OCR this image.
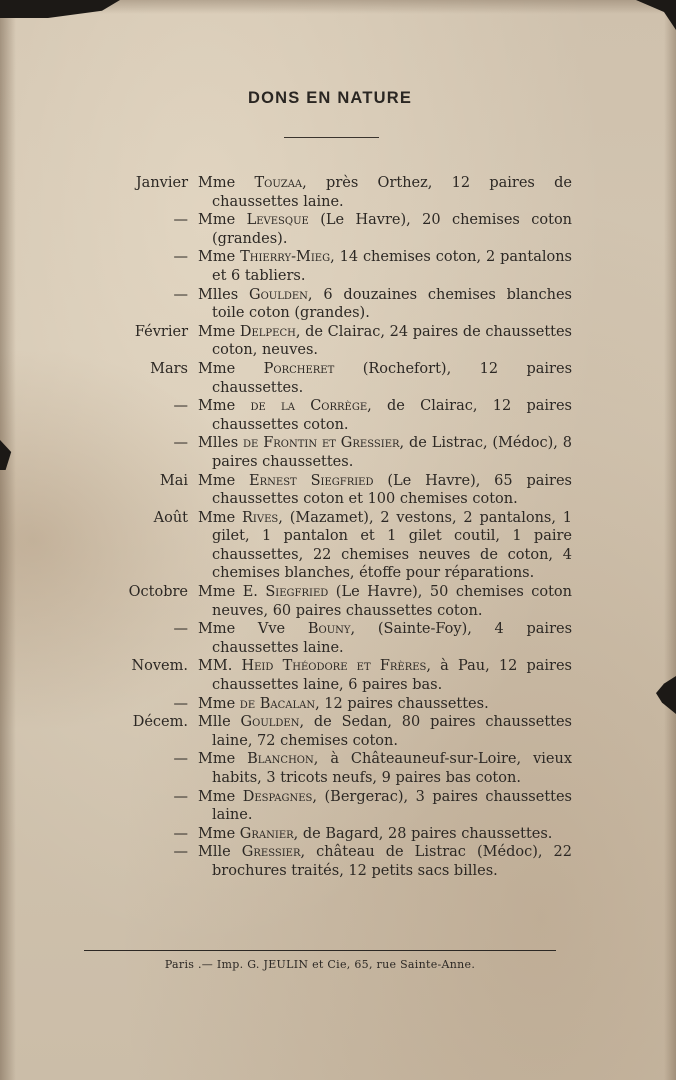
DONS EN NATURE
Janvier Mme Touzaa, près Orthez, 12 paires de chaussettes laine.
— Mme Levesque (Le Havre), 20 chemises coton (grandes).
— Mme Thierry-Mieg, 14 chemises coton, 2 pantalons et 6 tabliers.
— Mlles Goulden, 6 douzaines chemises blanches toile coton (grandes).
Février Mme Delpech, de Clairac, 24 paires de chaussettes coton, neuves.
Mars Mme Porcheret (Rochefort), 12 paires chaussettes.
— Mme de la Corrège, de Clairac, 12 paires chaussettes coton.
— Mlles de Frontin et Gressier, de Listrac, (Médoc), 8 paires chaussettes.
Mai Mme Ernest Siegfried (Le Havre), 65 paires chaussettes coton et 100 chemises coton.
Août Mme Rives, (Mazamet), 2 vestons, 2 pantalons, 1 gilet, 1 pantalon et 1 gilet coutil, 1 paire chaussettes, 22 chemises neuves de coton, 4 chemises blanches, étoffe pour réparations.
Octobre Mme E. Siegfried (Le Havre), 50 chemises coton neuves, 60 paires chaussettes coton.
— Mme Vve Bouny, (Sainte-Foy), 4 paires chaussettes laine.
Novem. MM. Heid Théodore et Frères, à Pau, 12 paires chaussettes laine, 6 paires bas.
— Mme de Bacalan, 12 paires chaussettes.
Décem. Mlle Goulden, de Sedan, 80 paires chaussettes laine, 72 chemises coton.
— Mme Blanchon, à Châteauneuf-sur-Loire, vieux habits, 3 tricots neufs, 9 paires bas coton.
— Mme Despagnes, (Bergerac), 3 paires chaussettes laine.
— Mme Granier, de Bagard, 28 paires chaussettes.
— Mlle Gressier, château de Listrac (Médoc), 22 brochures traités, 12 petits sacs billes.
Paris .— Imp. G. JEULIN et Cie, 65, rue Sainte-Anne.
